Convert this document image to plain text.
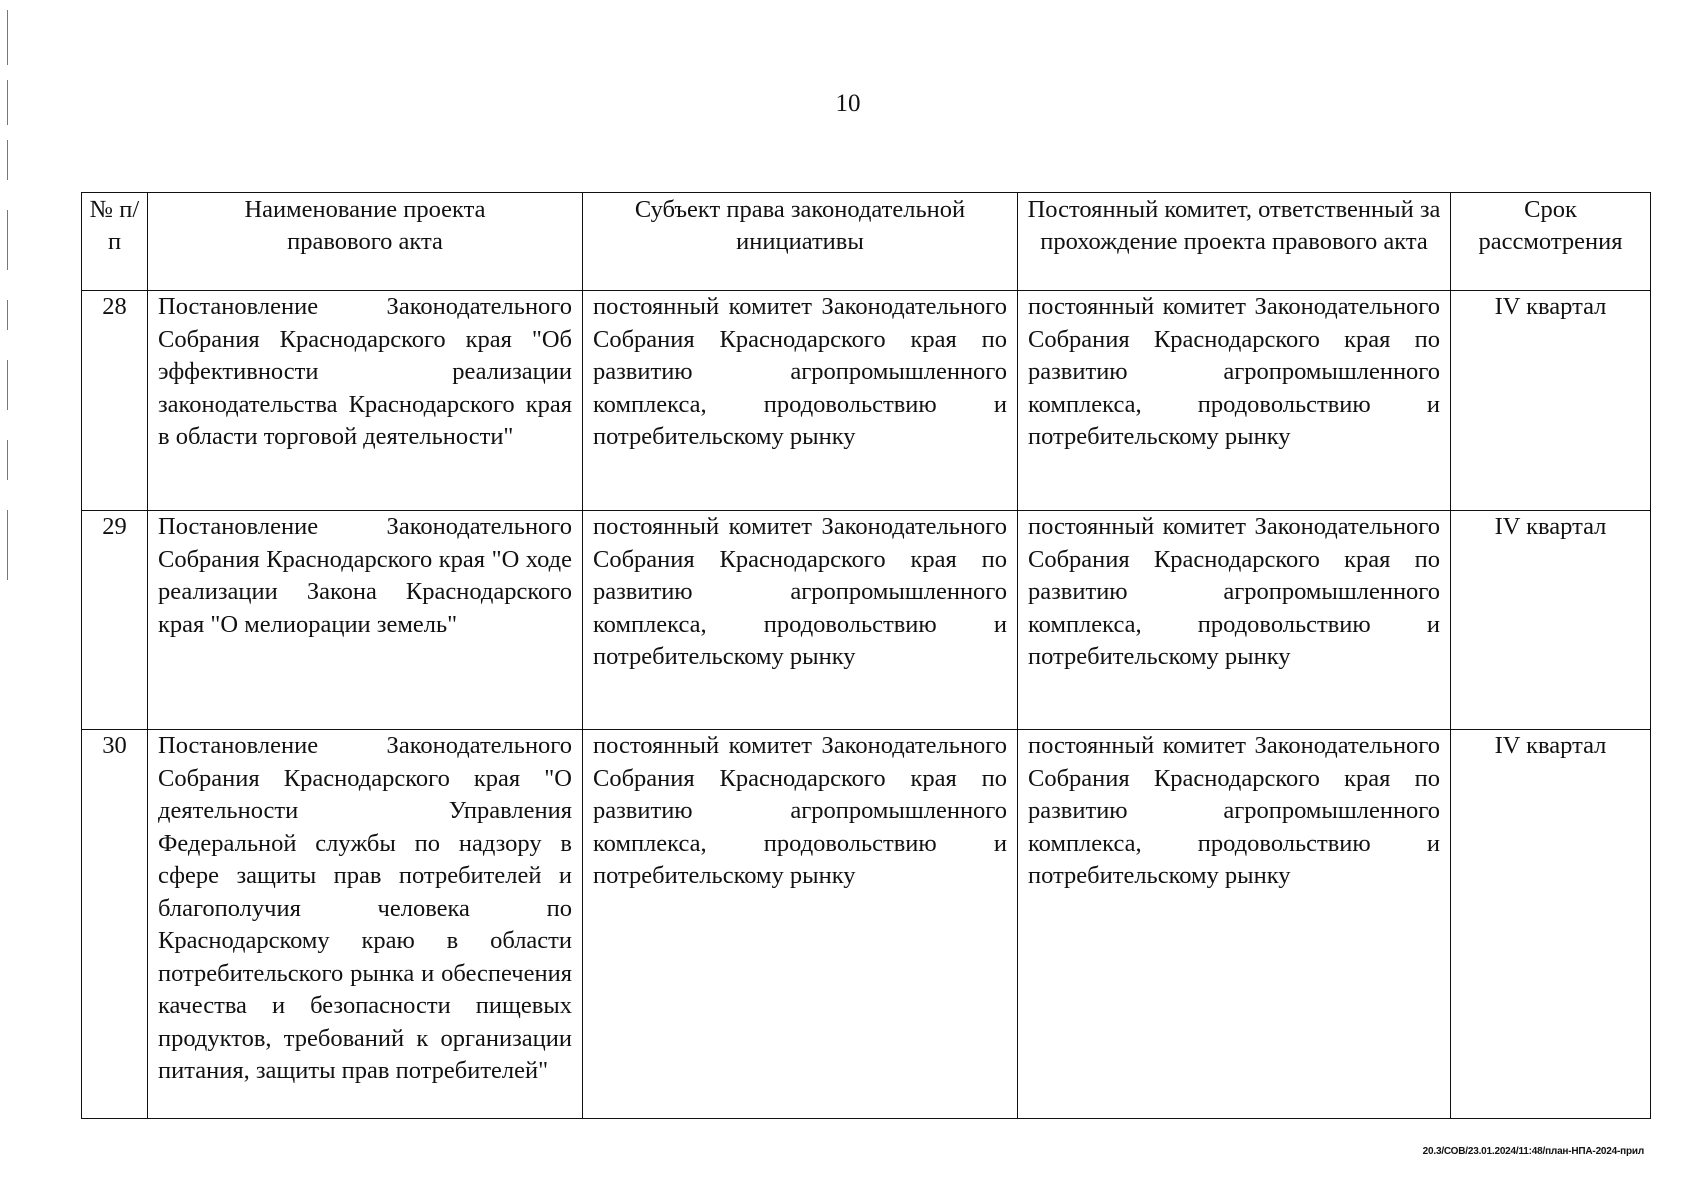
10
№ п/п	Наименование проекта правового акта	Субъект права законодательной инициативы	Постоянный комитет, ответственный за прохождение проекта правового акта	Срок рассмотрения
28	Постановление Законодательного Собрания Краснодарского края "Об эффективности реализации законодательства Краснодарского края в области торговой деятельности"	постоянный комитет Законодательного Собрания Краснодарского края по развитию агропромышленного комплекса, продовольствию и потребительскому рынку	постоянный комитет Законодательного Собрания Краснодарского края по развитию агропромышленного комплекса, продовольствию и потребительскому рынку	IV квартал
29	Постановление Законодательного Собрания Краснодарского края "О ходе реализации Закона Краснодарского края "О мелиорации земель"	постоянный комитет Законодательного Собрания Краснодарского края по развитию агропромышленного комплекса, продовольствию и потребительскому рынку	постоянный комитет Законодательного Собрания Краснодарского края по развитию агропромышленного комплекса, продовольствию и потребительскому рынку	IV квартал
30	Постановление Законодательного Собрания Краснодарского края "О деятельности Управления Федеральной службы по надзору в сфере защиты прав потребителей и благополучия человека по Краснодарскому краю в области потребительского рынка и обеспечения качества и безопасности пищевых продуктов, требований к организации питания, защиты прав потребителей"	постоянный комитет Законодательного Собрания Краснодарского края по развитию агропромышленного комплекса, продовольствию и потребительскому рынку	постоянный комитет Законодательного Собрания Краснодарского края по развитию агропромышленного комплекса, продовольствию и потребительскому рынку	IV квартал
20.3/СОВ/23.01.2024/11:48/план-НПА-2024-прил
